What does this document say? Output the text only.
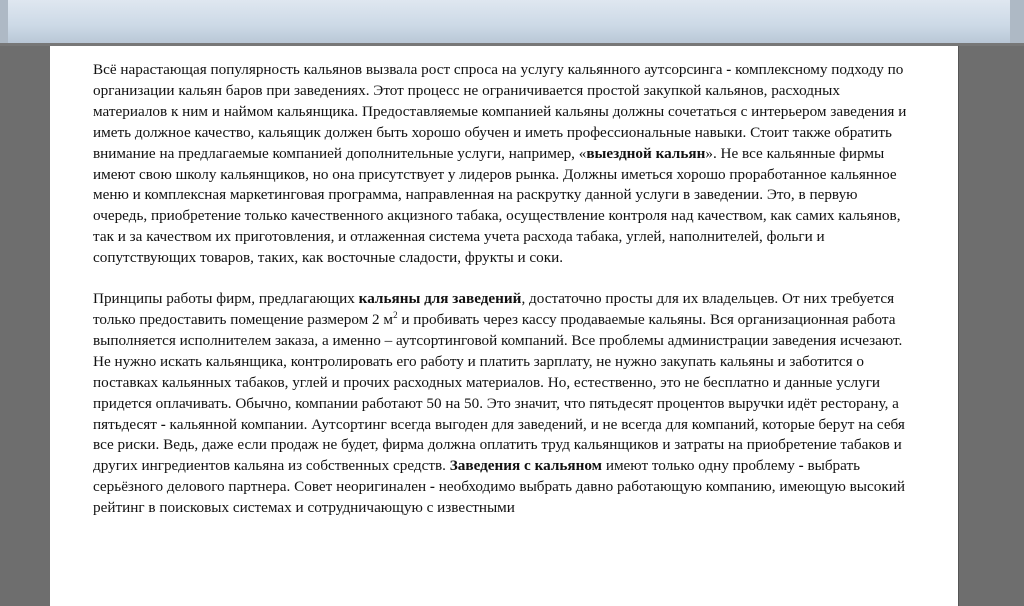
Всё нарастающая популярность кальянов вызвала рост спроса на услугу кальянного аутсорсинга - комплексному подходу по организации кальян баров при заведениях. Этот процесс не ограничивается простой закупкой кальянов, расходных материалов к ним и наймом кальянщика. Предоставляемые компанией кальяны должны сочетаться с интерьером заведения и иметь должное качество, кальящик должен быть хорошо обучен и иметь профессиональные навыки. Стоит также обратить внимание на предлагаемые компанией дополнительные услуги, например, «выездной кальян». Не все кальянные фирмы имеют свою школу кальянщиков, но она присутствует у лидеров рынка. Должны иметься хорошо проработанное кальянное меню и комплексная маркетинговая программа, направленная на раскрутку данной услуги в заведении. Это, в первую очередь, приобретение только качественного акцизного табака, осуществление контроля над качеством, как самих кальянов, так и за качеством их приготовления, и отлаженная система учета расхода табака, углей, наполнителей, фольги и сопутствующих товаров, таких, как восточные сладости, фрукты и соки.

Принципы работы фирм, предлагающих кальяны для заведений, достаточно просты для их владельцев. От них требуется только предоставить помещение размером 2 $м^2$ и пробивать через кассу продаваемые кальяны. Вся организационная работа выполняется исполнителем заказа, а именно – аутсортинговой компаний. Все проблемы администрации заведения исчезают. Не нужно искать кальянщика, контролировать его работу и платить зарплату, не нужно закупать кальяны и заботится о поставках кальянных табаков, углей и прочих расходных материалов. Но, естественно, это не бесплатно и данные услуги придется оплачивать. Обычно, компании работают 50 на 50. Это значит, что пятьдесят процентов выручки идёт ресторану, а пятьдесят - кальянной компании. Аутсортинг всегда выгоден для заведений, и не всегда для компаний, которые берут на себя все риски. Ведь, даже если продаж не будет, фирма должна оплатить труд кальянщиков и затраты на приобретение табаков и других ингредиентов кальяна из собственных средств. Заведения с кальяном имеют только одну проблему - выбрать серьёзного делового партнера. Совет неоригинален - необходимо выбрать давно работающую компанию, имеющую высокий рейтинг в поисковых системах и сотрудничающую с известными
